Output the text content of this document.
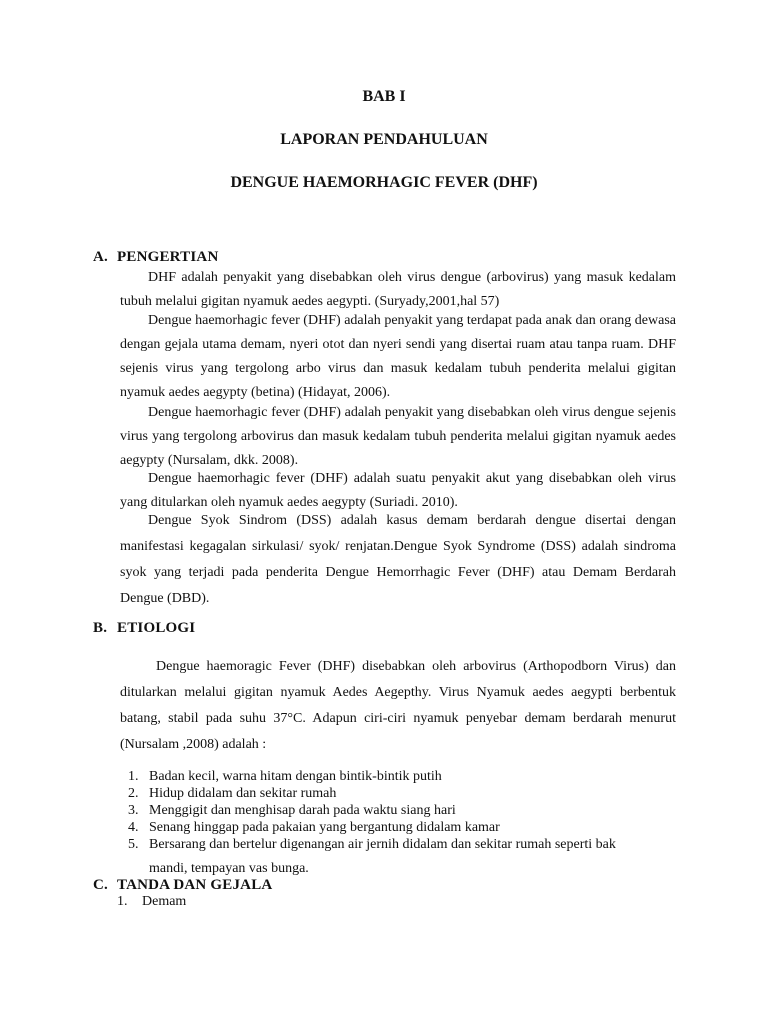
BAB I
LAPORAN PENDAHULUAN
DENGUE HAEMORHAGIC FEVER (DHF)
A. PENGERTIAN

DHF adalah penyakit yang disebabkan oleh virus dengue (arbovirus) yang masuk kedalam tubuh melalui gigitan nyamuk aedes aegypti. (Suryady,2001,hal 57)

Dengue haemorhagic fever (DHF) adalah penyakit yang terdapat pada anak dan orang dewasa dengan gejala utama demam, nyeri otot dan nyeri sendi yang disertai ruam atau tanpa ruam. DHF sejenis virus yang tergolong arbo virus dan masuk kedalam tubuh penderita melalui gigitan nyamuk aedes aegypty (betina) (Hidayat, 2006).

Dengue haemorhagic fever (DHF) adalah penyakit yang disebabkan oleh virus dengue sejenis virus yang tergolong arbovirus dan masuk kedalam tubuh penderita melalui gigitan nyamuk aedes aegypty (Nursalam, dkk. 2008).

Dengue haemorhagic fever (DHF) adalah suatu penyakit akut yang disebabkan oleh virus yang ditularkan oleh nyamuk aedes aegypty (Suriadi. 2010).

Dengue Syok Sindrom (DSS) adalah kasus demam berdarah dengue disertai dengan manifestasi kegagalan sirkulasi/ syok/ renjatan.Dengue Syok Syndrome (DSS) adalah sindroma syok yang terjadi pada penderita Dengue Hemorrhagic Fever (DHF) atau Demam Berdarah Dengue (DBD).

B. ETIOLOGI

Dengue haemoragic Fever (DHF) disebabkan oleh arbovirus (Arthopodborn Virus) dan ditularkan melalui gigitan nyamuk Aedes Aegepthy. Virus Nyamuk aedes aegypti berbentuk batang, stabil pada suhu 37°C. Adapun ciri-ciri nyamuk penyebar demam berdarah menurut (Nursalam ,2008) adalah :

1. Badan kecil, warna hitam dengan bintik-bintik putih
2. Hidup didalam dan sekitar rumah
3. Menggigit dan menghisap darah pada waktu siang hari
4. Senang hinggap pada pakaian yang bergantung didalam kamar
5. Bersarang dan bertelur digenangan air jernih didalam dan sekitar rumah seperti bak
mandi, tempayan vas bunga.
C. TANDA DAN GEJALA
1. Demam
